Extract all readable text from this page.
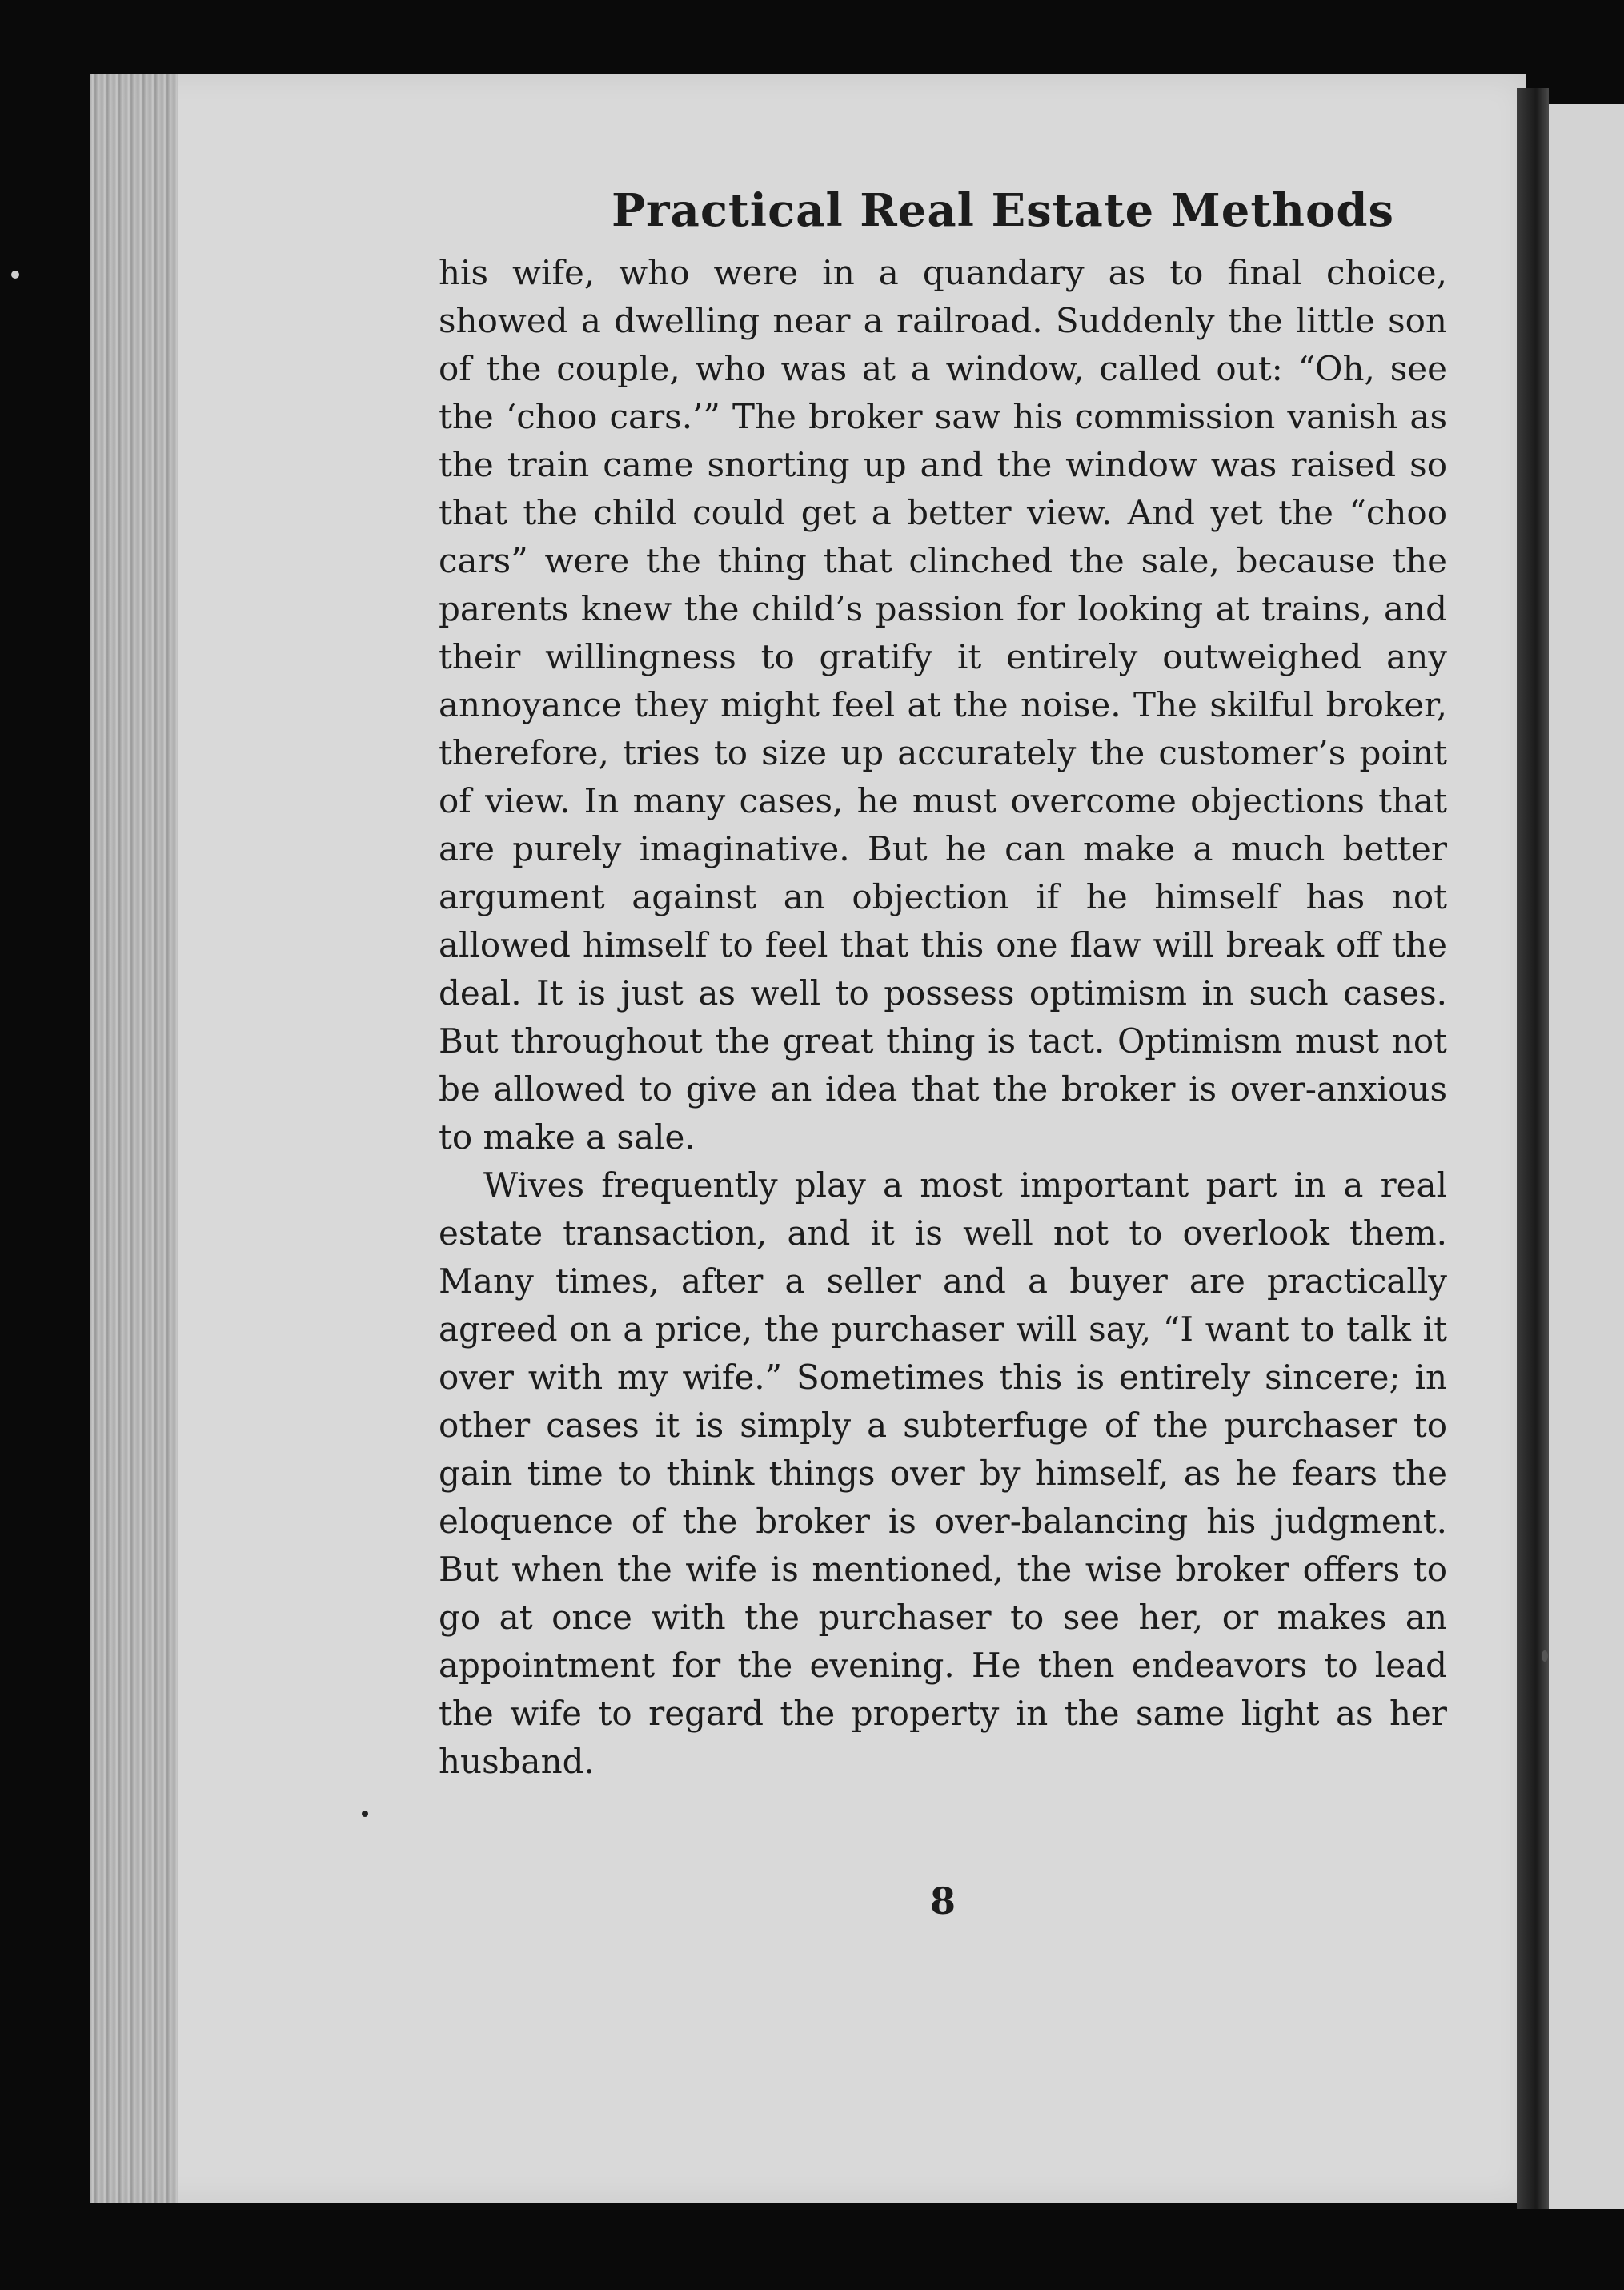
Practical Real Estate Methods

his wife, who were in a quandary as to final choice, showed a dwelling near a railroad. Suddenly the little son of the couple, who was at a window, called out: “Oh, see the ‘choo cars.’” The broker saw his commission vanish as the train came snorting up and the window was raised so that the child could get a better view. And yet the “choo cars” were the thing that clinched the sale, because the parents knew the child’s passion for looking at trains, and their willingness to gratify it entirely outweighed any annoyance they might feel at the noise. The skilful broker, therefore, tries to size up accurately the customer’s point of view. In many cases, he must overcome objections that are purely imaginative. But he can make a much better argument against an objection if he himself has not allowed himself to feel that this one flaw will break off the deal. It is just as well to possess optimism in such cases. But throughout the great thing is tact. Optimism must not be allowed to give an idea that the broker is over-anxious to make a sale.

Wives frequently play a most important part in a real estate transaction, and it is well not to overlook them. Many times, after a seller and a buyer are practically agreed on a price, the purchaser will say, “I want to talk it over with my wife.” Sometimes this is entirely sincere; in other cases it is simply a subterfuge of the purchaser to gain time to think things over by himself, as he fears the eloquence of the broker is over-balancing his judgment. But when the wife is mentioned, the wise broker offers to go at once with the purchaser to see her, or makes an appointment for the evening. He then endeavors to lead the wife to regard the property in the same light as her husband.

8
